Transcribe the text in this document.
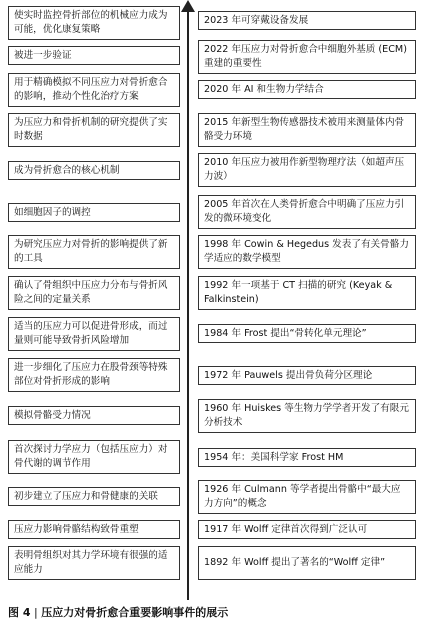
使实时监控骨折部位的机械应力成为可能，优化康复策略
2023 年可穿戴设备发展
被进一步验证	2022 年压应力对骨折愈合中细胞外基质 (ECM) 重建的重要性
用于精确模拟不同压应力对骨折愈合的影响，推动个性化治疗方案
2020 年 AI 和生物力学结合
为压应力和骨折机制的研究提供了实时数据
2015 年新型生物传感器技术被用来测量体内骨骼受力环境
成为骨折愈合的核心机制
2010 年压应力被用作新型物理疗法（如超声压力波）
如细胞因子的调控
2005 年首次在人类骨折愈合中明确了压应力引发的微环境变化
为研究压应力对骨折的影响提供了新的工具
1998 年 Cowin & Hegedus 发表了有关骨骼力学适应的数学模型
确认了骨组织中压应力分布与骨折风险之间的定量关系
1992 年一项基于 CT 扫描的研究 (Keyak & Falkinstein)
适当的压应力可以促进骨形成，而过量则可能导致骨折风险增加
1984 年 Frost 提出“骨转化单元理论”
进一步细化了压应力在股骨颈等特殊部位对骨折形成的影响
1972 年 Pauwels 提出骨负荷分区理论
模拟骨骼受力情况
1960 年 Huiskes 等生物力学学者开发了有限元分析技术
首次探讨力学应力（包括压应力）对骨代谢的调节作用
1954 年：美国科学家 Frost HM
初步建立了压应力和骨健康的关联
1926 年 Culmann 等学者提出骨骼中“最大应力方向”的概念
压应力影响骨骼结构致骨重塑	1917 年 Wolff 定律首次得到广泛认可
表明骨组织对其力学环境有很强的适应能力
1892 年 Wolff 提出了著名的“Wolff 定律”
图 4 | 压应力对骨折愈合重要影响事件的展示
